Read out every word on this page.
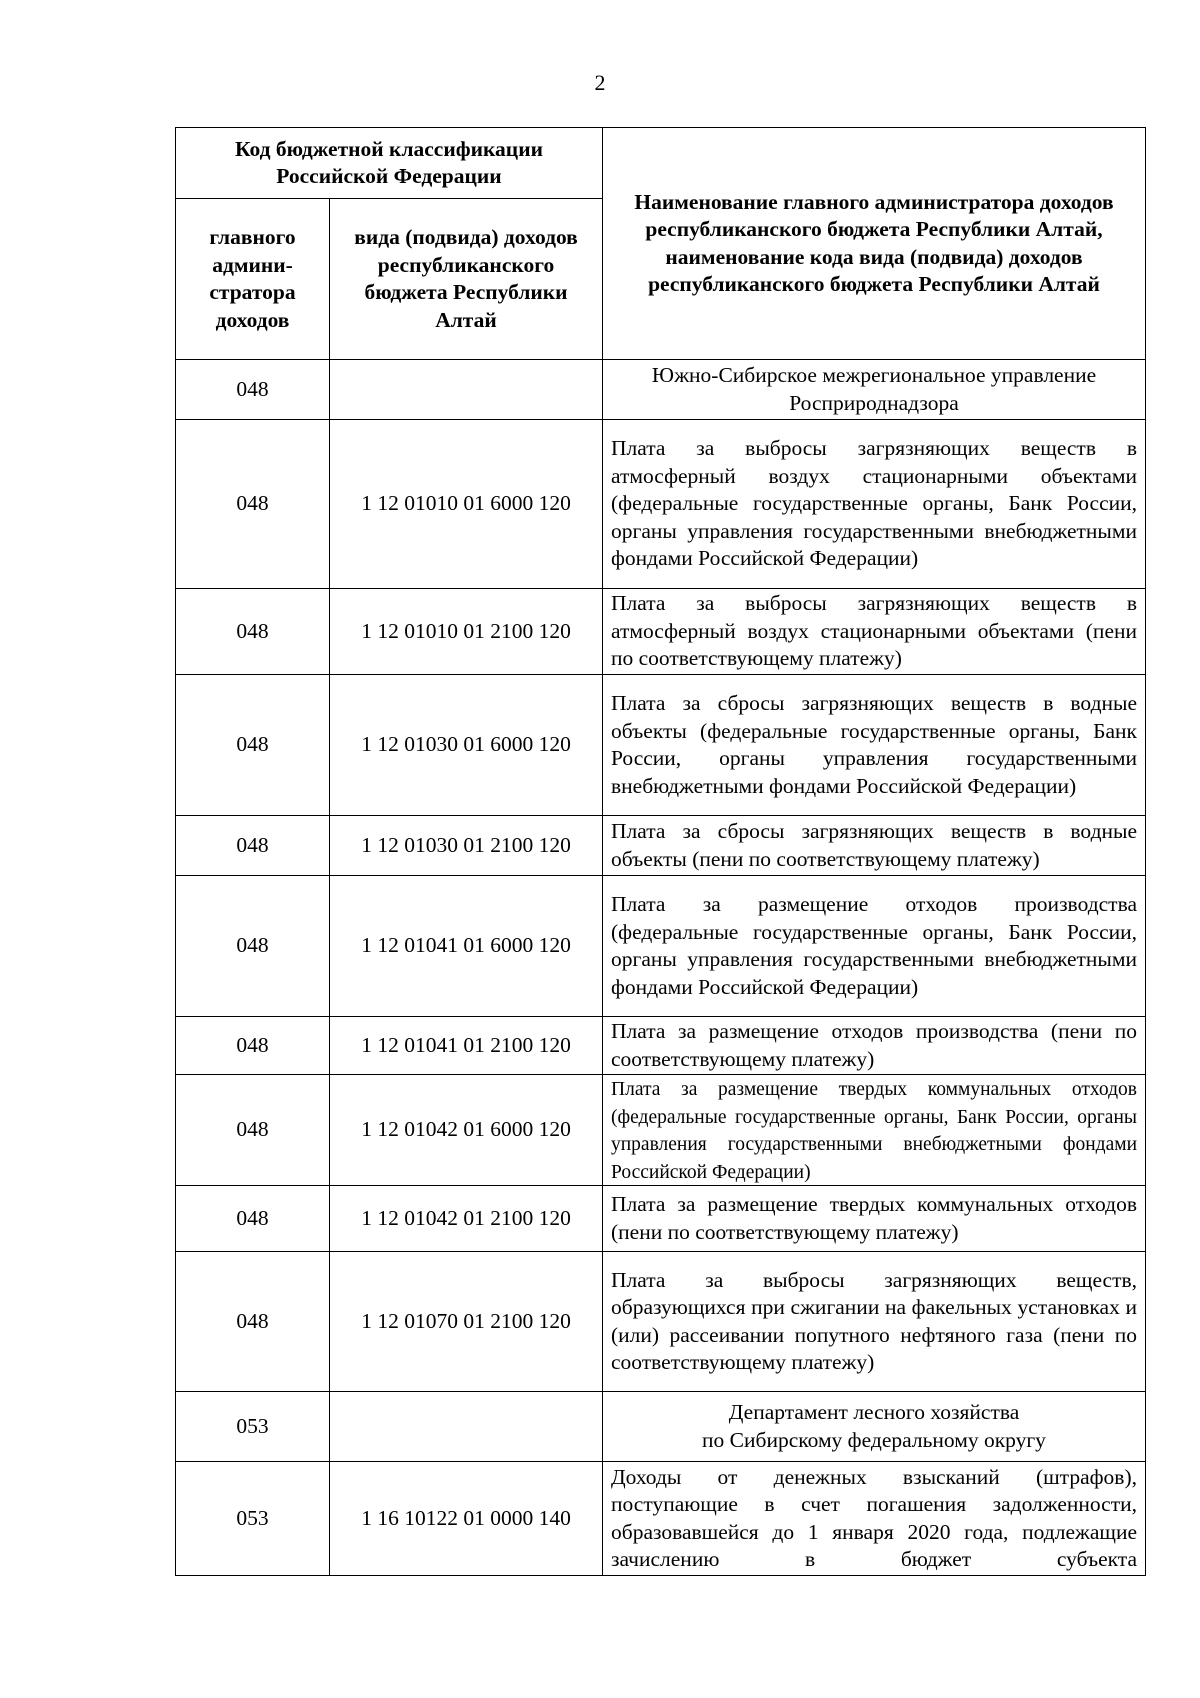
2
Код бюджетной классификации Российской Федерации		Наименование главного администратора доходов республиканского бюджета Республики Алтай, наименование кода вида (подвида) доходов республиканского бюджета Республики Алтай
главного админи-стратора доходов	вида (подвида) доходов республиканского бюджета Республики Алтай	
048		Южно-Сибирское межрегиональное управление Росприроднадзора
048	1 12 01010 01 6000 120	Плата за выбросы загрязняющих веществ в атмосферный воздух стационарными объектами (федеральные государственные органы, Банк России, органы управления государственными внебюджетными фондами Российской Федерации)
048	1 12 01010 01 2100 120	Плата за выбросы загрязняющих веществ в атмосферный воздух стационарными объектами (пени по соответствующему платежу)
048	1 12 01030 01 6000 120	Плата за сбросы загрязняющих веществ в водные объекты (федеральные государственные органы, Банк России, органы управления государственными внебюджетными фондами Российской Федерации)
048	1 12 01030 01 2100 120	Плата за сбросы загрязняющих веществ в водные объекты (пени по соответствующему платежу)
048	1 12 01041 01 6000 120	Плата за размещение отходов производства (федеральные государственные органы, Банк России, органы управления государственными внебюджетными фондами Российской Федерации)
048	1 12 01041 01 2100 120	Плата за размещение отходов производства (пени по соответствующему платежу)
048	1 12 01042 01 6000 120	Плата за размещение твердых коммунальных отходов (федеральные государственные органы, Банк России, органы управления государственными внебюджетными фондами Российской Федерации)
048	1 12 01042 01 2100 120	Плата за размещение твердых коммунальных отходов (пени по соответствующему платежу)
048	1 12 01070 01 2100 120	Плата за выбросы загрязняющих веществ, образующихся при сжигании на факельных установках и (или) рассеивании попутного нефтяного газа (пени по соответствующему платежу)
053		Департамент лесного хозяйства
по Сибирскому федеральному округу
053	1 16 10122 01 0000 140	Доходы от денежных взысканий (штрафов), поступающие в счет погашения задолженности, образовавшейся до 1 января 2020 года, подлежащие зачислению в бюджет субъекта
